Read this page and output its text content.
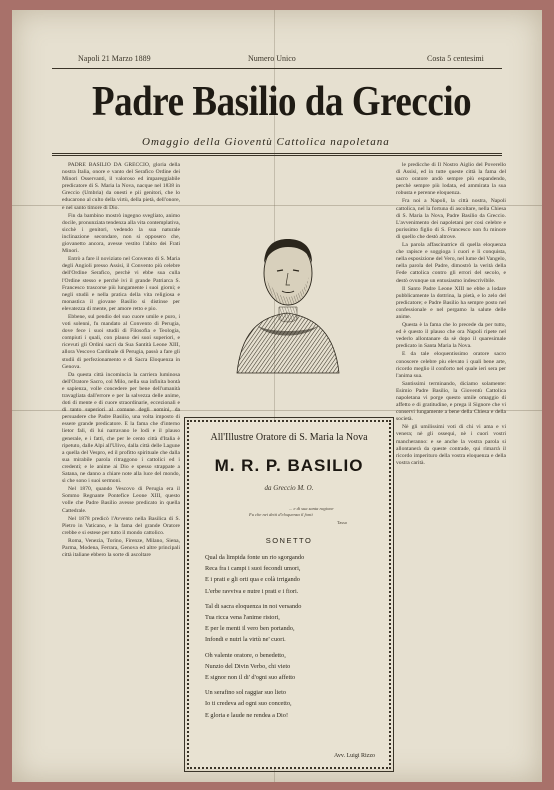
Napoli 21 Marzo 1889	Numero Unico	Costa 5 centesimi
Padre Basilio da Greccio
Omaggio della Gioventù Cattolica napoletana

PADRE BASILIO DA GRECCIO, gloria della nostra Italia, onore e vanto del Serafico Ordine dei Minori Osservanti, il valoroso ed impareggiabile predicatore di S. Maria la Nova, nacque nel 1838 in Greccio (Umbria) da onesti e pii genitori, che lo educarono al culto della virtù, della pietà, dell'onore, e nel santo timore di Dio.

Fin da bambino mostrò ingegno svegliato, animo docile, pronunziata tendenza alla vita contemplativa, sicchè i genitori, vedendo la sua naturale inclinazione secondare, non si opposero che, giovanetto ancora, avesse vestito l'abito dei Frati Minori.

Entrò a fare il noviziato nel Convento di S. Maria degli Angioli presso Assisi, il Convento più celebre dell'Ordine Serafico, perchè vi ebbe sua culla l'Ordine stesso e perchè ivi il grande Patriarca S. Francesco trascorse più lungamente i suoi giorni; e negli studii e nella pratica della vita religiosa e monastica il giovane Basilio si distinse per elevatezza di mente, per amore retto e pio.

Ebbene, sul pendio del suo cuore umile e puro, i voti solenni, fu mandato al Convento di Perugia, dove fece i suoi studii di Filosofia e Teologia, compiuti i quali, con plauso dei suoi superiori, e ricevuti gli Ordini sacri da Sua Santità Leone XIII, allora Vescovo Cardinale di Perugia, passò a fare gli studii di perfezionamento e di Sacra Eloquenza in Genova.

Da questa città incomincia la carriera luminosa dell'Oratore Sacro, col Milo, nella sua infinita bontà e sapienza, volle concedere per bene dell'umanità travagliata dall'errore e per la salvezza delle anime, doti di mente e di cuore straordinarie, eccezionali e di tanto superiori al comune degli uomini, da persuadere che Padre Basilio, una volta imposto di essere grande predicatore. E la fama che d'interno lietor fali, di lui narravano le lodi e il plauso generale, e i fatti, che per le cento città d'Italia è ripetuto, dalle Alpi all'Ulivo, dalla città delle Lagune a quella del Vespro, ed il profitto spirituale che dalla sua mirabile parola ritraggono i cattolici ed i credenti; e le anime ai Dio e spesso strappate a Satana, ne danno a chiare note alla luce del mondo, sì che sono i suoi sermoni.

Nel 1870, quando Vescovo di Perugia era il Sommo Regnante Pontefice Leone XIII, questo volle che Padre Basilio avesse predicato in quella Cattedrale.

Nel 1878 predicò l'Avvento nella Basilica di S. Pietro in Vaticano, e la fama del grande Oratore crebbe e si estese per tutto il mondo cattolico.

Roma, Venezia, Torino, Firenze, Milano, Siena, Parma, Modena, Ferrara, Genova ed altre principali città italiane ebbero la sorte di ascoltare

le predicche di Il Nostro Aiglio del Poverello di Assisi, ed in tutte queste città la fama del sacro oratore andò sempre più espandendo, perchè sempre più lodata, ed ammirata la sua robusta e perenne eloquenza.

Fra noi a Napoli, la città nostra, Napoli cattolica, nel la fortuna di ascoltare, nella Chiesa di S. Maria la Nova, Padre Basilio da Greccio. L'avvenimento dei napoletani per così celebre e purissimo figlio di S. Francesco non fu minore di quello che destò altrove.

La parola affascinatrice di quella eloquenza che rapisce e soggioga i cuori e li conquista, nella esposizione del Vero, nel lume del Vangelo, nella parola del Padre, dimostrò la verità della Fede cattolica contro gli errori del secolo, e destò ovunque un entusiasmo indescrivibile.

Il Santo Padre Leone XIII ne ebbe a lodare pubblicamente la dottrina, la pietà, e lo zelo del predicatore; e Padre Basilio ha sempre posto nel confessionale e nel pergamo la salute delle anime.

Questa è la fama che lo precede da per tutto, ed è questo il plauso che ora Napoli ripete nel vederlo allontanare da sè dopo il quaresimale predicato in Santa Maria la Nova.

E da tale eloquentissimo oratore sacro conoscere celebre piu elevato i quali bene arte, ricordo meglio il conforto nel quale ieri sera per l'anima sua.

Santissimi terminando, diciamo solamente: Esimio Padre Basilio, la Gioventù Cattolica napoletana vi porge questo umile omaggio di affetto e di gratitudine, e prega il Signore che vi conservi lungamente a bene della Chiesa e della società.

Nè gli umilissimi voti di chi vi ama e vi venera; nè gli ossequi, nè i cuori vostri mancheranno: e se anche la vostra parola si allontanerà da queste contrade, qui rimarrà il ricordo imperituro della vostra eloquenza e della vostra carità.

All'Illustre Oratore di S. Maria la Nova
M. R. P. BASILIO
da Greccio M. O.
... e di sua santa ragione
Fu che nei detti d'eloquenza il fonti
Tasso
SONETTO
Qual da limpida fonte un rio sgorgando
Reca fra i campi i suoi fecondi umori,
E i prati e gli orti qua e colà irrigando
L'erbe ravviva e nutre i prati e i fiori.
Tal di sacra eloquenza in noi versando
Tua ricca vena l'anime ristori,
E per le menti il vero ben portando,
Infondi e nutri la virtù ne' cuori.
Oh valente oratore, o benedetto,
Nunzio del Divin Verbo, chi vieto
E signor non il di' d'ogni suo affetto
Un serafino sol raggiar suo lieto
Io ti credeva ad ogni suo concetto,
E gloria e laude ne rendea a Dio!
Avv. Luigi Rizzo
